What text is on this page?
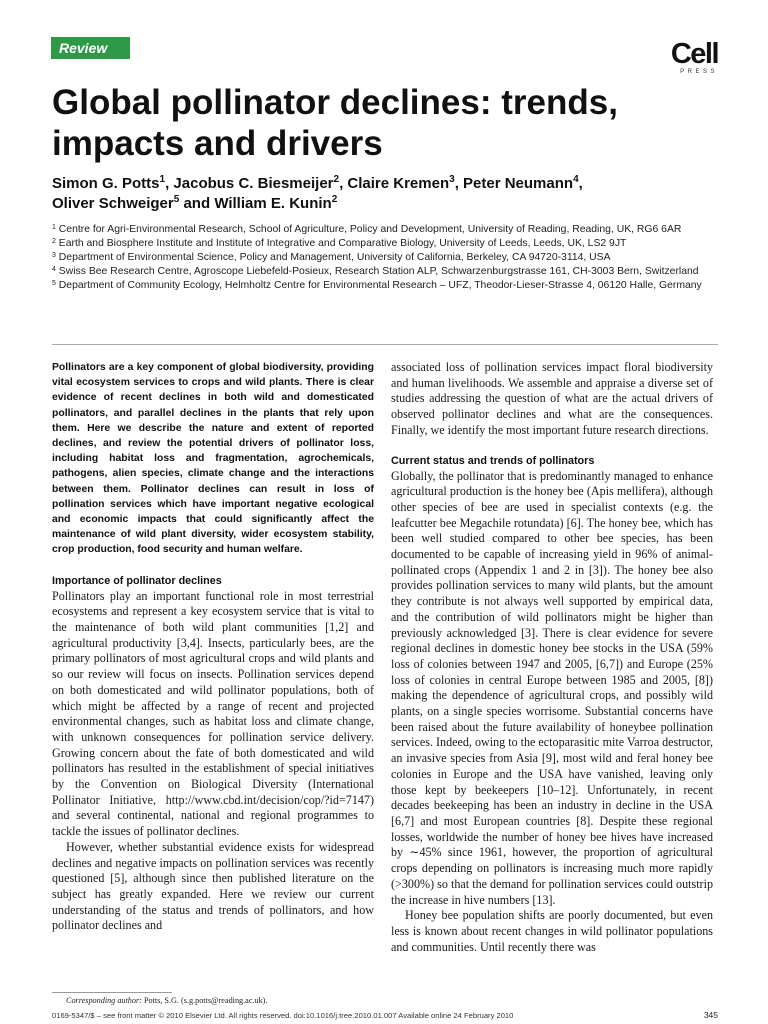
Review	Cell
PRESS
Global pollinator declines: trends, impacts and drivers
Simon G. Potts$^1$, Jacobus C. Biesmeijer$^2$, Claire Kremen$^3$, Peter Neumann$^4$,
Oliver Schweiger$^5$ and William E. Kunin$^2$
$^1$ Centre for Agri-Environmental Research, School of Agriculture, Policy and Development, University of Reading, Reading, UK, RG6 6AR
$^2$ Earth and Biosphere Institute and Institute of Integrative and Comparative Biology, University of Leeds, Leeds, UK, LS2 9JT
$^3$ Department of Environmental Science, Policy and Management, University of California, Berkeley, CA 94720-3114, USA
$^4$ Swiss Bee Research Centre, Agroscope Liebefeld-Posieux, Research Station ALP, Schwarzenburgstrasse 161, CH-3003 Bern, Switzerland
$^5$ Department of Community Ecology, Helmholtz Centre for Environmental Research – UFZ, Theodor-Lieser-Strasse 4, 06120 Halle, Germany

Pollinators are a key component of global biodiversity, providing vital ecosystem services to crops and wild plants. There is clear evidence of recent declines in both wild and domesticated pollinators, and parallel declines in the plants that rely upon them. Here we describe the nature and extent of reported declines, and review the potential drivers of pollinator loss, including habitat loss and fragmentation, agrochemicals, pathogens, alien species, climate change and the interactions between them. Pollinator declines can result in loss of pollination services which have important negative ecological and economic impacts that could significantly affect the maintenance of wild plant diversity, wider ecosystem stability, crop production, food security and human welfare.

Importance of pollinator declines

Pollinators play an important functional role in most terrestrial ecosystems and represent a key ecosystem service that is vital to the maintenance of both wild plant communities [1,2] and agricultural productivity [3,4]. Insects, particularly bees, are the primary pollinators of most agricultural crops and wild plants and so our review will focus on insects. Pollination services depend on both domesticated and wild pollinator populations, both of which might be affected by a range of recent and projected environmental changes, such as habitat loss and climate change, with unknown consequences for pollination service delivery. Growing concern about the fate of both domesticated and wild pollinators has resulted in the establishment of special initiatives by the Convention on Biological Diversity (International Pollinator Initiative, http://www.cbd.int/decision/cop/?id=7147) and several continental, national and regional programmes to tackle the issues of pollinator declines.

However, whether substantial evidence exists for widespread declines and negative impacts on pollination services was recently questioned [5], although since then published literature on the subject has greatly expanded. Here we review our current understanding of the status and trends of pollinators, and how pollinator declines and

associated loss of pollination services impact floral biodiversity and human livelihoods. We assemble and appraise a diverse set of studies addressing the question of what are the actual drivers of observed pollinator declines and what are the consequences. Finally, we identify the most important future research directions.

Current status and trends of pollinators

Globally, the pollinator that is predominantly managed to enhance agricultural production is the honey bee (Apis mellifera), although other species of bee are used in specialist contexts (e.g. the leafcutter bee Megachile rotundata) [6]. The honey bee, which has been well studied compared to other bee species, has been documented to be capable of increasing yield in 96% of animal-pollinated crops (Appendix 1 and 2 in [3]). The honey bee also provides pollination services to many wild plants, but the amount they contribute is not always well supported by empirical data, and the contribution of wild pollinators might be higher than previously acknowledged [3]. There is clear evidence for severe regional declines in domestic honey bee stocks in the USA (59% loss of colonies between 1947 and 2005, [6,7]) and Europe (25% loss of colonies in central Europe between 1985 and 2005, [8]) making the dependence of agricultural crops, and possibly wild plants, on a single species worrisome. Substantial concerns have been raised about the future availability of honeybee pollination services. Indeed, owing to the ectoparasitic mite Varroa destructor, an invasive species from Asia [9], most wild and feral honey bee colonies in Europe and the USA have vanished, leaving only those kept by beekeepers [10–12]. Unfortunately, in recent decades beekeeping has been an industry in decline in the USA [6,7] and most European countries [8]. Despite these regional losses, worldwide the number of honey bee hives have increased by ∼45% since 1961, however, the proportion of agricultural crops depending on pollinators is increasing much more rapidly (>300%) so that the demand for pollination services could outstrip the increase in hive numbers [13].

Honey bee population shifts are poorly documented, but even less is known about recent changes in wild pollinator populations and communities. Until recently there was

Corresponding author: Potts, S.G. (s.g.potts@reading.ac.uk).
0169-5347/$ – see front matter © 2010 Elsevier Ltd. All rights reserved. doi:10.1016/j.tree.2010.01.007 Available online 24 February 2010	345
